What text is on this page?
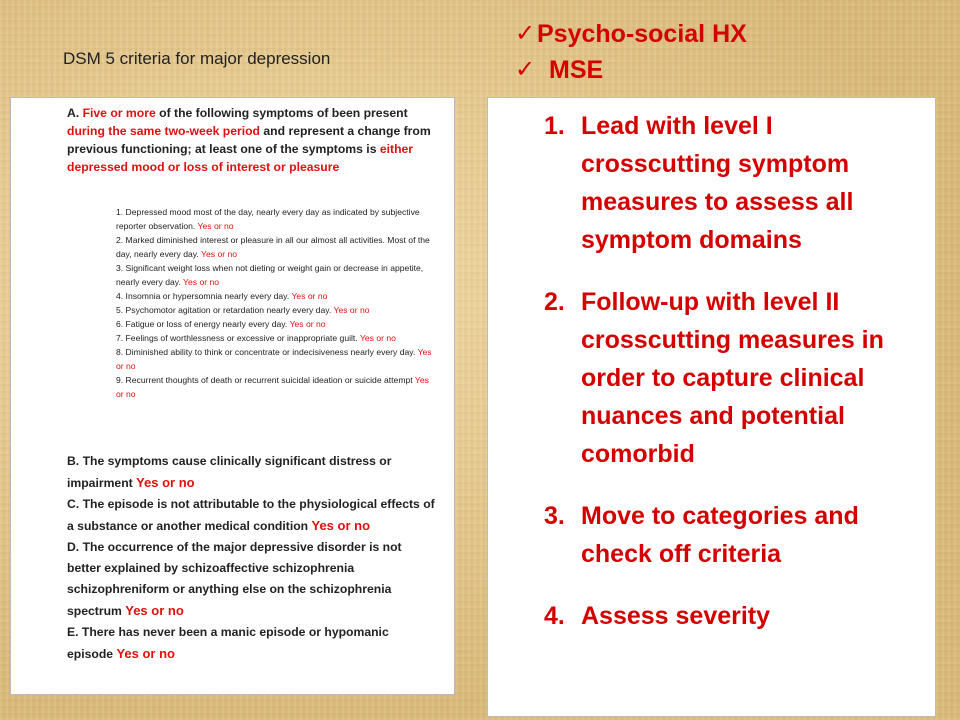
✓ Psycho-social HX
✓ MSE
DSM 5 criteria for major depression
A. Five or more of the following symptoms of been present during the same two-week period and represent a change from previous functioning; at least one of the symptoms is either depressed mood or loss of interest or pleasure
1. Depressed mood most of the day, nearly every day as indicated by subjective reporter observation. Yes or no
2. Marked diminished interest or pleasure in all our almost all activities. Most of the day, nearly every day. Yes or no
3. Significant weight loss when not dieting or weight gain or decrease in appetite, nearly every day. Yes or no
4. Insomnia or hypersomnia nearly every day. Yes or no
5. Psychomotor agitation or retardation nearly every day. Yes or no
6. Fatigue or loss of energy nearly every day. Yes or no
7. Feelings of worthlessness or excessive or inappropriate guilt. Yes or no
8. Diminished ability to think or concentrate or indecisiveness nearly every day. Yes or no
9. Recurrent thoughts of death or recurrent suicidal ideation or suicide attempt Yes or no

B. The symptoms cause clinically significant distress or impairment Yes or no

C. The episode is not attributable to the physiological effects of a substance or another medical condition Yes or no

D. The occurrence of the major depressive disorder is not better explained by schizoaffective schizophrenia schizophreniform or anything else on the schizophrenia spectrum Yes or no

E. There has never been a manic episode or hypomanic episode Yes or no

1. Lead with level I crosscutting symptom measures to assess all symptom domains
2. Follow-up with level II crosscutting measures in order to capture clinical nuances and potential comorbid
3. Move to categories and check off criteria
4. Assess severity
